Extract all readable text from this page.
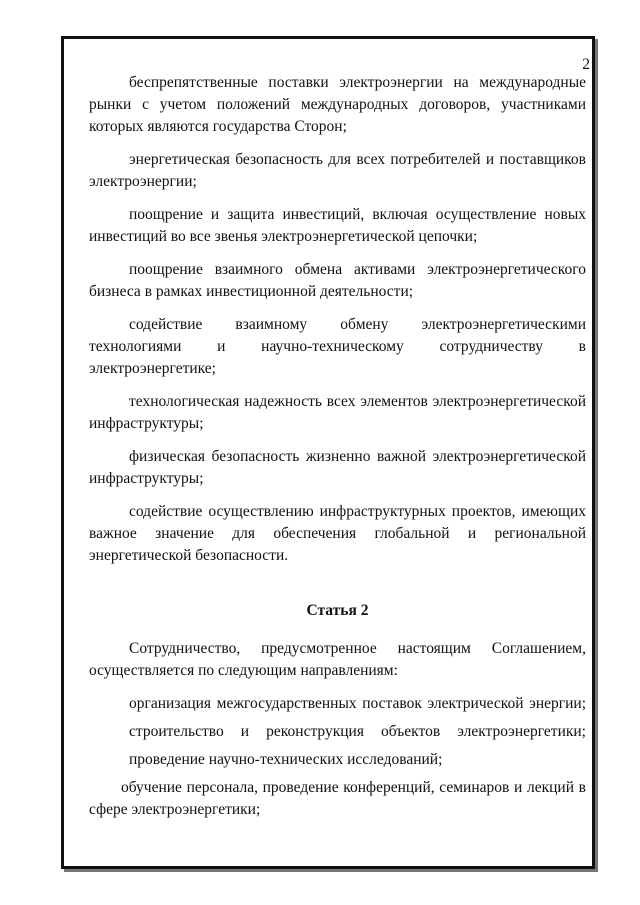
2

беспрепятственные поставки электроэнергии на международные рынки с учетом положений международных договоров, участниками которых являются государства Сторон;

энергетическая безопасность для всех потребителей и поставщиков электроэнергии;

поощрение и защита инвестиций, включая осуществление новых инвестиций во все звенья электроэнергетической цепочки;

поощрение взаимного обмена активами электроэнергетического бизнеса в рамках инвестиционной деятельности;

содействие взаимному обмену электроэнергетическими технологиями и научно-техническому сотрудничеству в электроэнергетике;

технологическая надежность всех элементов электроэнергетической инфраструктуры;

физическая безопасность жизненно важной электроэнергетической инфраструктуры;

содействие осуществлению инфраструктурных проектов, имеющих важное значение для обеспечения глобальной и региональной энергетической безопасности.

Статья 2

Сотрудничество, предусмотренное настоящим Соглашением, осуществляется по следующим направлениям:

организация межгосударственных поставок электрической энергии;

строительство и реконструкция объектов электроэнергетики;

проведение научно-технических исследований;

обучение персонала, проведение конференций, семинаров и лекций в сфере электроэнергетики;
